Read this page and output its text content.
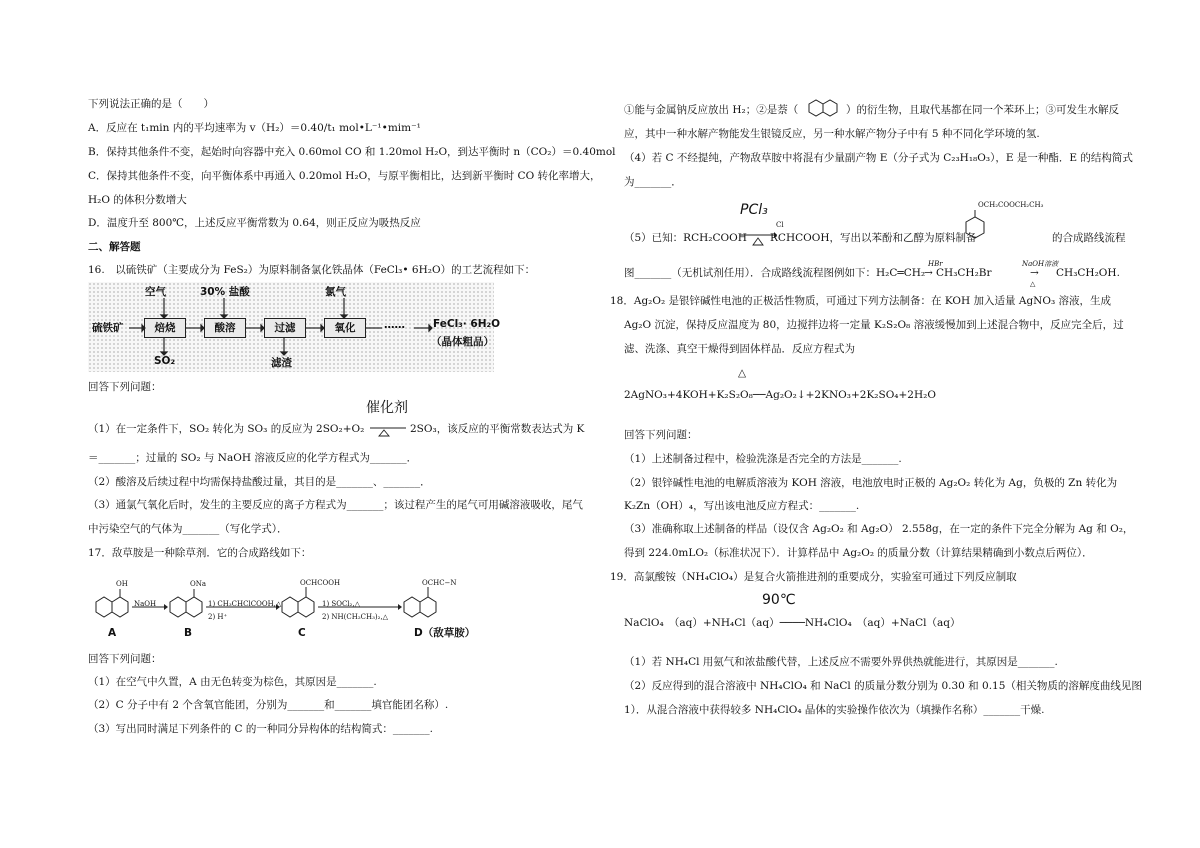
下列说法正确的是（　　）
A．反应在 t₁min 内的平均速率为 v（H₂）＝0.40/t₁ mol•L⁻¹•mim⁻¹
B．保持其他条件不变，起始时向容器中充入 0.60mol CO 和 1.20mol H₂O，到达平衡时 n（CO₂）＝0.40mol
C．保持其他条件不变，向平衡体系中再通入 0.20mol H₂O，与原平衡相比，达到新平衡时 CO 转化率增大，
H₂O 的体积分数增大
D．温度升至 800℃，上述反应平衡常数为 0.64，则正反应为吸热反应
二、解答题
16.　以硫铁矿（主要成分为 FeS₂）为原料制备氯化铁晶体（FeCl₃• 6H₂O）的工艺流程如下：
硫铁矿
空气	30% 盐酸	氯气
焙烧	酸溶	过滤	氧化	……	FeCl₃· 6H₂O
（晶体粗品）
SO₂	滤渣
回答下列问题：
催化剂
（1）在一定条件下，SO₂ 转化为 SO₃ 的反应为 2SO₂+O₂	2SO₃，该反应的平衡常数表达式为 K
＝_______；过量的 SO₂ 与 NaOH 溶液反应的化学方程式为_______．
（2）酸溶及后续过程中均需保持盐酸过量，其目的是_______、_______．
（3）通氯气氧化后时，发生的主要反应的离子方程式为_______；该过程产生的尾气可用碱溶液吸收，尾气
中污染空气的气体为_______（写化学式）．
17．敌草胺是一种除草剂．它的合成路线如下：
OH	ONa
NaOH	1) CH₃CHClCOOH,△
2) H⁺
OCHCOOH
1) SOCl₂,△
2) NH(CH₂CH₃)₂,△
OCHC−N
A	B	C	D（敌草胺）
回答下列问题：
（1）在空气中久置，A 由无色转变为棕色，其原因是_______.
（2）C 分子中有 2 个含氧官能团，分别为_______和_______填官能团名称）.
（3）写出同时满足下列条件的 C 的一种同分异构体的结构简式：_______.
①能与金属钠反应放出 H₂；②是萘（	）的衍生物，且取代基都在同一个苯环上；③可发生水解反
应，其中一种水解产物能发生银镜反应，另一种水解产物分子中有 5 种不同化学环境的氢.
（4）若 C 不经提纯，产物敌草胺中将混有少量副产物 E（分子式为 C₂₃H₁₈O₃），E 是一种酯．E 的结构简式
为_______．
PCl₃
（5）已知：RCH₂COOH
Cl
RCHCOOH，写出以苯酚和乙醇为原料制备
OCH₂COOCH₂CH₃
的合成路线流程
图_______（无机试剂任用）．合成路线流程图例如下：H₂C═CH₂
HBr
→ CH₃CH₂Br
NaOH溶液
→
△
CH₃CH₂OH.
18．Ag₂O₂ 是银锌碱性电池的正极活性物质，可通过下列方法制备：在 KOH 加入适量 AgNO₃ 溶液，生成
Ag₂O 沉淀，保持反应温度为 80，边搅拌边将一定量 K₂S₂O₈ 溶液缓慢加到上述混合物中，反应完全后，过
滤、洗涤、真空干燥得到固体样品．反应方程式为
△
2AgNO₃+4KOH+K₂S₂O₈──Ag₂O₂↓+2KNO₃+2K₂SO₄+2H₂O
回答下列问题：
（1）上述制备过程中，检验洗涤是否完全的方法是_______.
（2）银锌碱性电池的电解质溶液为 KOH 溶液，电池放电时正极的 Ag₂O₂ 转化为 Ag，负极的 Zn 转化为
K₂Zn（OH）₄，写出该电池反应方程式：_______.
（3）准确称取上述制备的样品（设仅含 Ag₂O₂ 和 Ag₂O） 2.558g，在一定的条件下完全分解为 Ag 和 O₂，
得到 224.0mLO₂（标准状况下）．计算样品中 Ag₂O₂ 的质量分数（计算结果精确到小数点后两位）．
19．高氯酸铵（NH₄ClO₄）是复合火箭推进剂的重要成分，实验室可通过下列反应制取
90℃
NaClO₄　（aq）+NH₄Cl（aq）────NH₄ClO₄　（aq）+NaCl（aq）
（1）若 NH₄Cl 用氨气和浓盐酸代替，上述反应不需要外界供热就能进行，其原因是_______.
（2）反应得到的混合溶液中 NH₄ClO₄ 和 NaCl 的质量分数分别为 0.30 和 0.15（相关物质的溶解度曲线见图
1）．从混合溶液中获得较多 NH₄ClO₄ 晶体的实验操作依次为（填操作名称）_______干燥.
